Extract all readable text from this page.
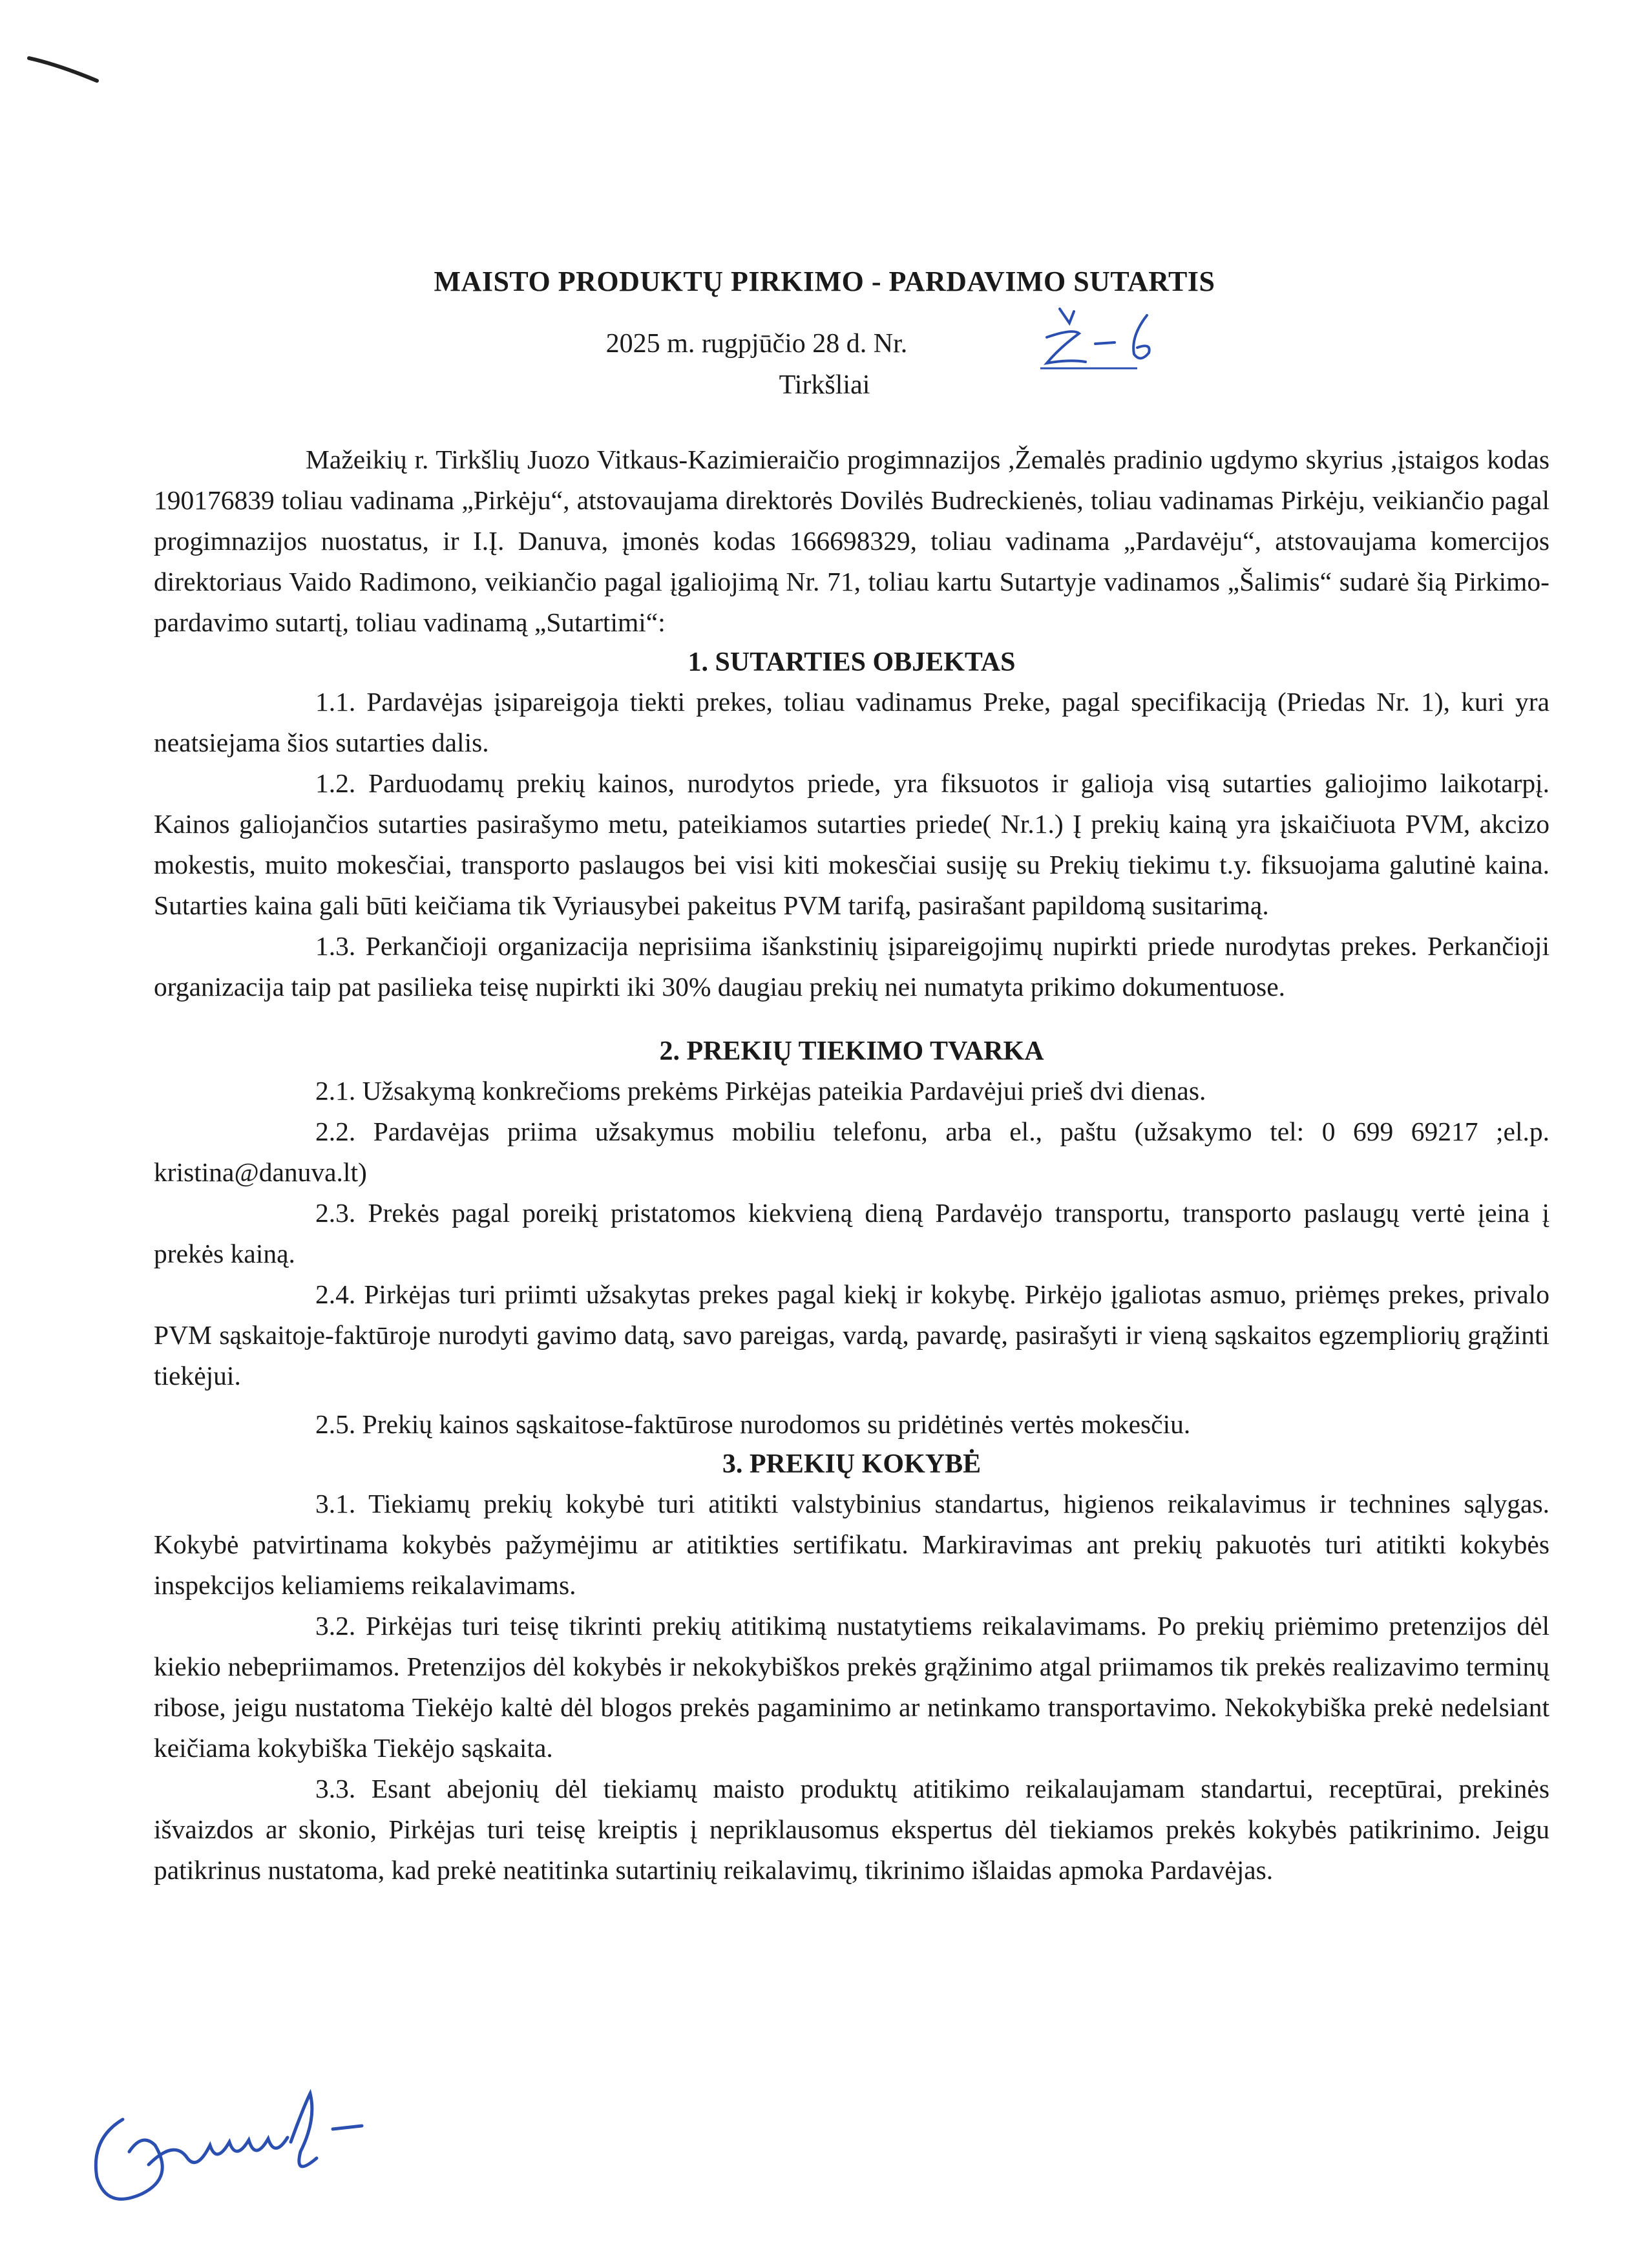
MAISTO PRODUKTŲ PIRKIMO - PARDAVIMO SUTARTIS
2025 m. rugpjūčio 28 d. Nr.
Tirkšliai

Mažeikių r. Tirkšlių Juozo Vitkaus-Kazimieraičio progimnazijos ,Žemalės pradinio ugdymo skyrius ,įstaigos kodas 190176839 toliau vadinama „Pirkėju“, atstovaujama direktorės Dovilės Budreckienės, toliau vadinamas Pirkėju, veikiančio pagal progimnazijos nuostatus, ir I.Į. Danuva, įmonės kodas 166698329, toliau vadinama „Pardavėju“, atstovaujama komercijos direktoriaus Vaido Radimono, veikiančio pagal įgaliojimą Nr. 71, toliau kartu Sutartyje vadinamos „Šalimis“ sudarė šią Pirkimo-pardavimo sutartį, toliau vadinamą „Sutartimi“:

1. SUTARTIES OBJEKTAS

1.1. Pardavėjas įsipareigoja tiekti prekes, toliau vadinamus Preke, pagal specifikaciją (Priedas Nr. 1), kuri yra neatsiejama šios sutarties dalis.

1.2. Parduodamų prekių kainos, nurodytos priede, yra fiksuotos ir galioja visą sutarties galiojimo laikotarpį. Kainos galiojančios sutarties pasirašymo metu, pateikiamos sutarties priede( Nr.1.) Į prekių kainą yra įskaičiuota PVM, akcizo mokestis, muito mokesčiai, transporto paslaugos bei visi kiti mokesčiai susiję su Prekių tiekimu t.y. fiksuojama galutinė kaina. Sutarties kaina gali būti keičiama tik Vyriausybei pakeitus PVM tarifą, pasirašant papildomą susitarimą.

1.3. Perkančioji organizacija neprisiima išankstinių įsipareigojimų nupirkti priede nurodytas prekes. Perkančioji organizacija taip pat pasilieka teisę nupirkti iki 30% daugiau prekių nei numatyta prikimo dokumentuose.

2. PREKIŲ TIEKIMO TVARKA

2.1. Užsakymą konkrečioms prekėms Pirkėjas pateikia Pardavėjui prieš dvi dienas.

2.2. Pardavėjas priima užsakymus mobiliu telefonu, arba el., paštu (užsakymo tel: 0 699 69217 ;el.p. kristina@danuva.lt)

2.3. Prekės pagal poreikį pristatomos kiekvieną dieną Pardavėjo transportu, transporto paslaugų vertė įeina į prekės kainą.

2.4. Pirkėjas turi priimti užsakytas prekes pagal kiekį ir kokybę. Pirkėjo įgaliotas asmuo, priėmęs prekes, privalo PVM sąskaitoje-faktūroje nurodyti gavimo datą, savo pareigas, vardą, pavardę, pasirašyti ir vieną sąskaitos egzempliorių grąžinti tiekėjui.

2.5. Prekių kainos sąskaitose-faktūrose nurodomos su pridėtinės vertės mokesčiu.

3. PREKIŲ KOKYBĖ

3.1. Tiekiamų prekių kokybė turi atitikti valstybinius standartus, higienos reikalavimus ir technines sąlygas. Kokybė patvirtinama kokybės pažymėjimu ar atitikties sertifikatu. Markiravimas ant prekių pakuotės turi atitikti kokybės inspekcijos keliamiems reikalavimams.

3.2. Pirkėjas turi teisę tikrinti prekių atitikimą nustatytiems reikalavimams. Po prekių priėmimo pretenzijos dėl kiekio nebepriimamos. Pretenzijos dėl kokybės ir nekokybiškos prekės grąžinimo atgal priimamos tik prekės realizavimo terminų ribose, jeigu nustatoma Tiekėjo kaltė dėl blogos prekės pagaminimo ar netinkamo transportavimo. Nekokybiška prekė nedelsiant keičiama kokybiška Tiekėjo sąskaita.

3.3. Esant abejonių dėl tiekiamų maisto produktų atitikimo reikalaujamam standartui, receptūrai, prekinės išvaizdos ar skonio, Pirkėjas turi teisę kreiptis į nepriklausomus ekspertus dėl tiekiamos prekės kokybės patikrinimo. Jeigu patikrinus nustatoma, kad prekė neatitinka sutartinių reikalavimų, tikrinimo išlaidas apmoka Pardavėjas.
